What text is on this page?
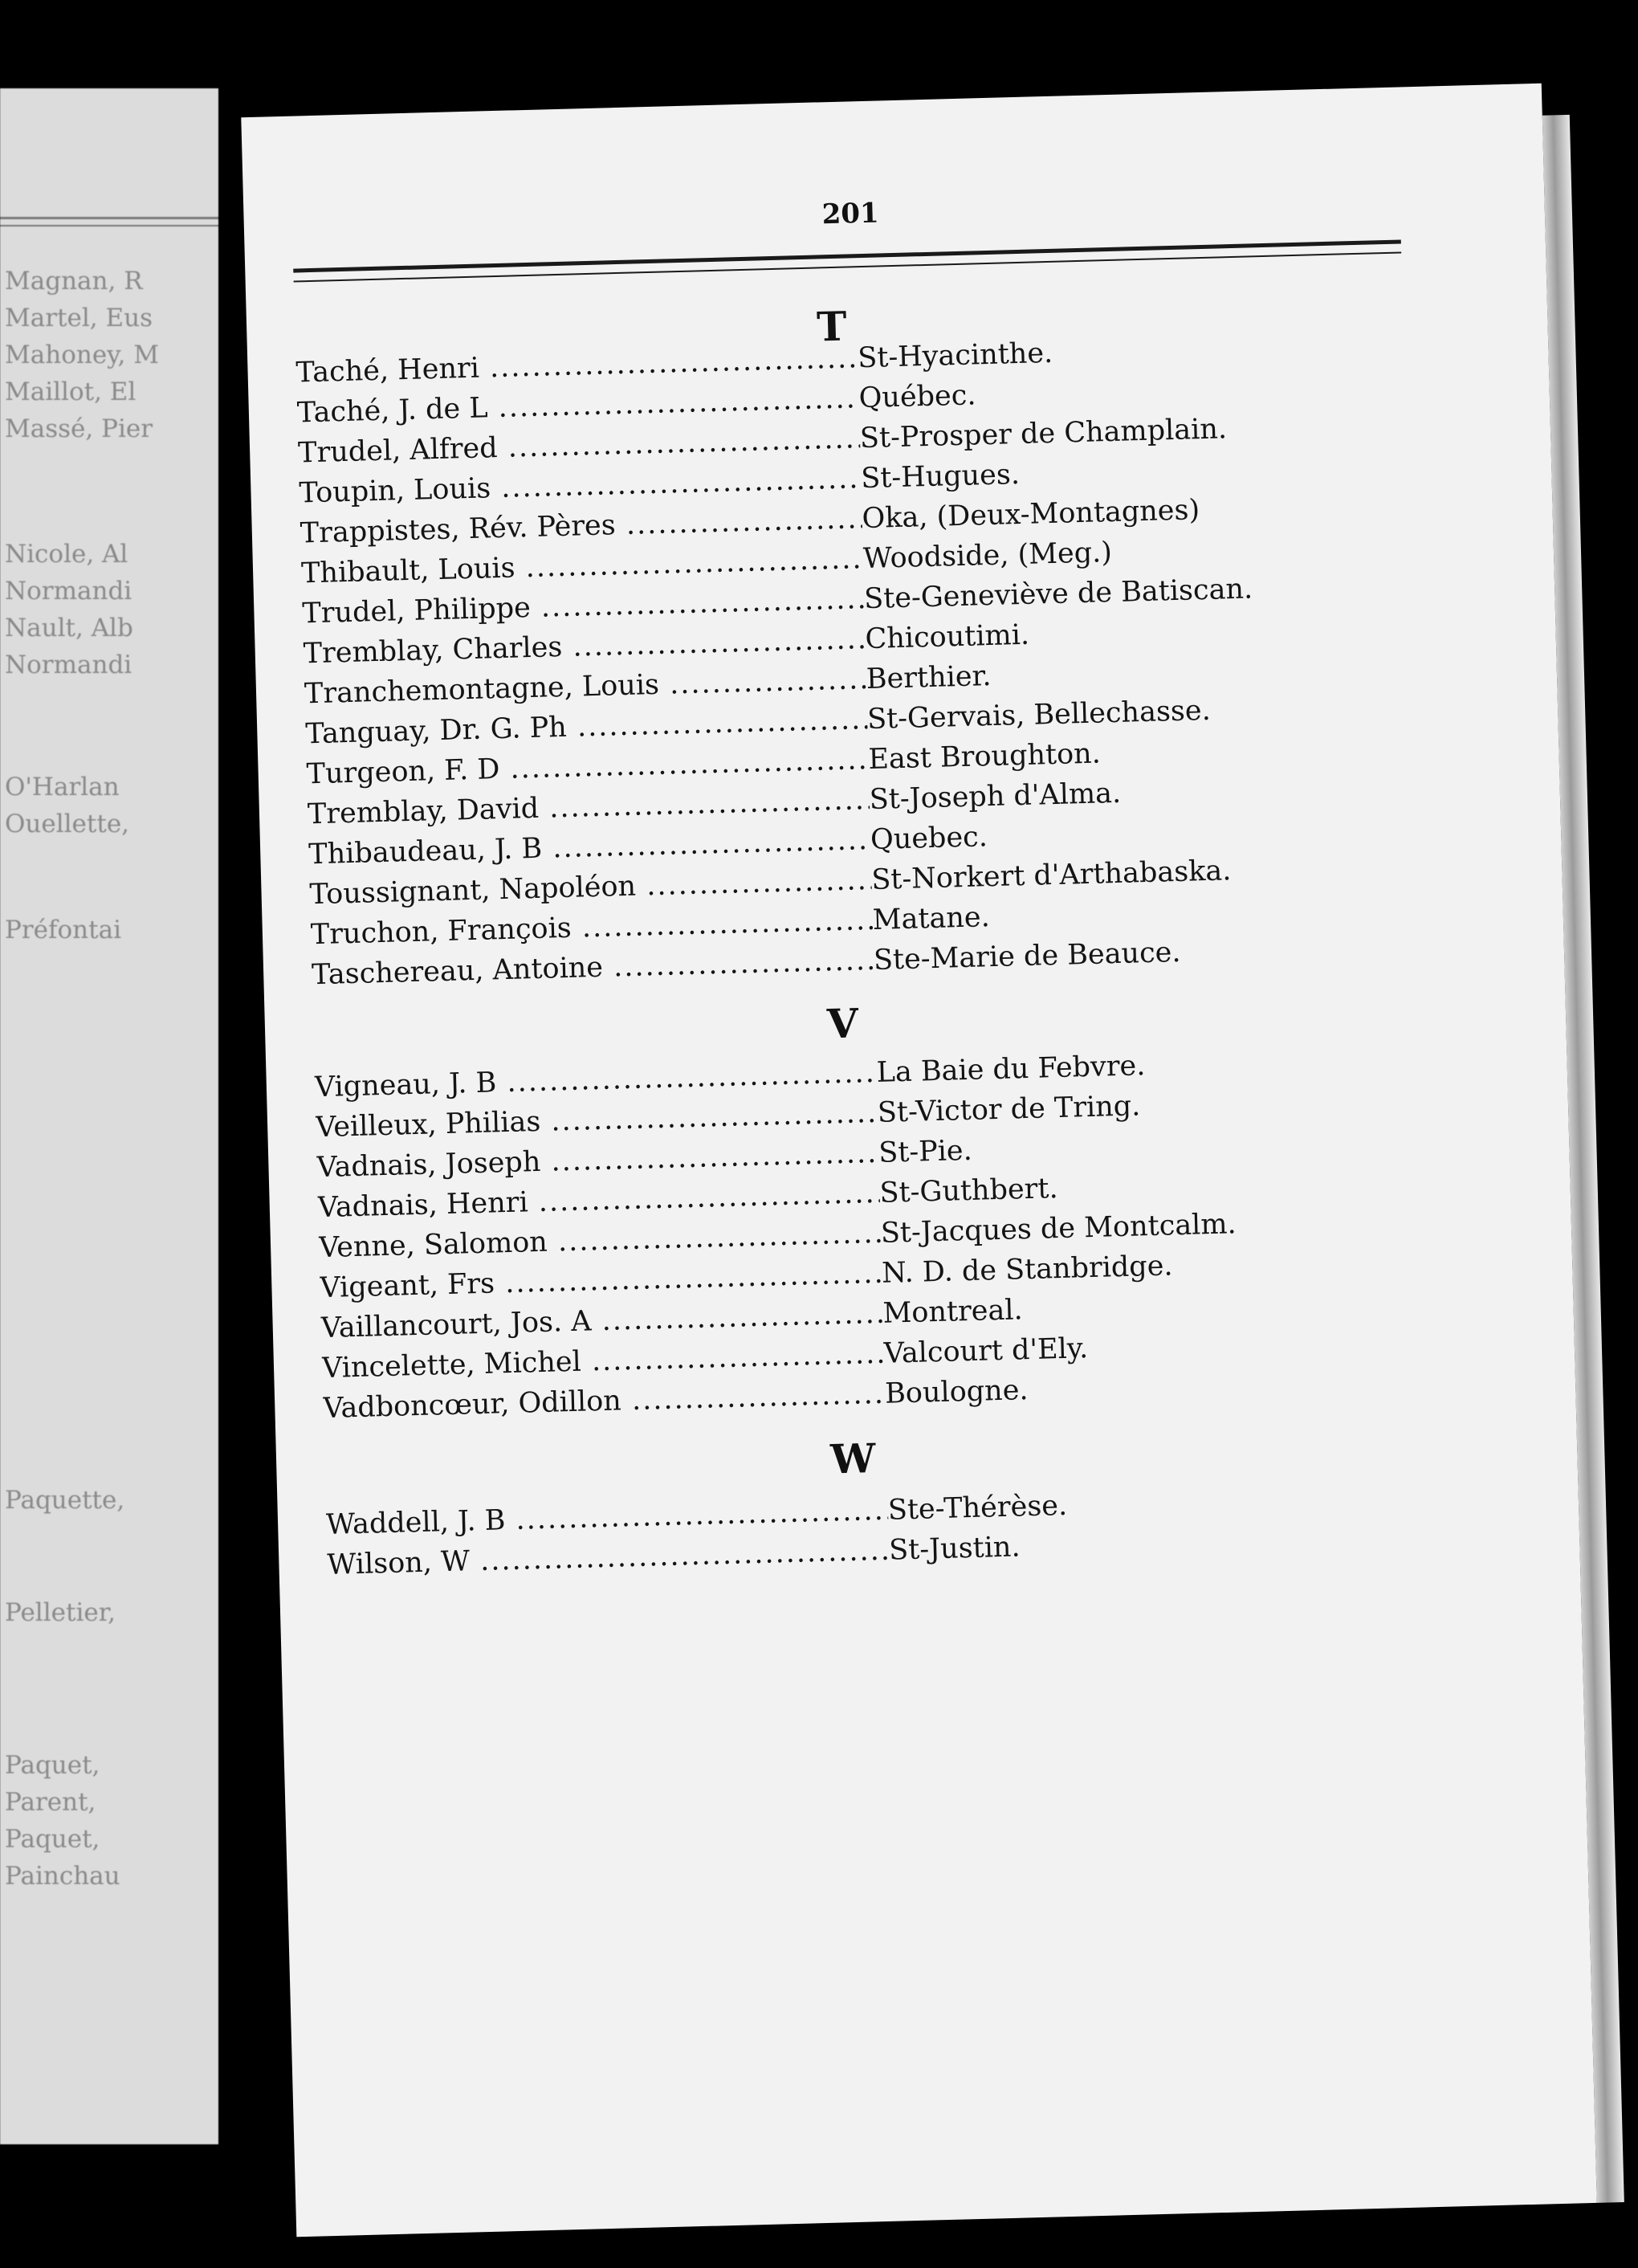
Magnan, R
Martel, Eus
Mahoney, M
Maillot, El
Massé, Pier
Nicole, Al
Normandi
Nault, Alb
Normandi
O'Harlan
Ouellette,
Préfontai
Paquette,
Pelletier,
Paquet,
Parent,
Paquet,
Painchau
201
T
Taché, Henri .....	St-Hyacinthe.
Taché, J. de L .....	Québec.
Trudel, Alfred .....	St-Prosper de Champlain.
Toupin, Louis .....	St-Hugues.
Trappistes, Rév. Pères .....	Oka, (Deux-Montagnes)
Thibault, Louis .....	Woodside, (Meg.)
Trudel, Philippe .....	Ste-Geneviève de Batiscan.
Tremblay, Charles .....	Chicoutimi.
Tranchemontagne, Louis .....	Berthier.
Tanguay, Dr. G. Ph .....	St-Gervais, Bellechasse.
Turgeon, F. D .....	East Broughton.
Tremblay, David .....	St-Joseph d'Alma.
Thibaudeau, J. B .....	Quebec.
Toussignant, Napoléon .....	St-Norkert d'Arthabaska.
Truchon, François .....	Matane.
Taschereau, Antoine .....	Ste-Marie de Beauce.
V
Vigneau, J. B .....	La Baie du Febvre.
Veilleux, Philias .....	St-Victor de Tring.
Vadnais, Joseph .....	St-Pie.
Vadnais, Henri .....	St-Guthbert.
Venne, Salomon .....	St-Jacques de Montcalm.
Vigeant, Frs .....	N. D. de Stanbridge.
Vaillancourt, Jos. A .....	Montreal.
Vincelette, Michel .....	Valcourt d'Ely.
Vadboncœur, Odillon .....	Boulogne.
W
Waddell, J. B .....	Ste-Thérèse.
Wilson, W .....	St-Justin.
